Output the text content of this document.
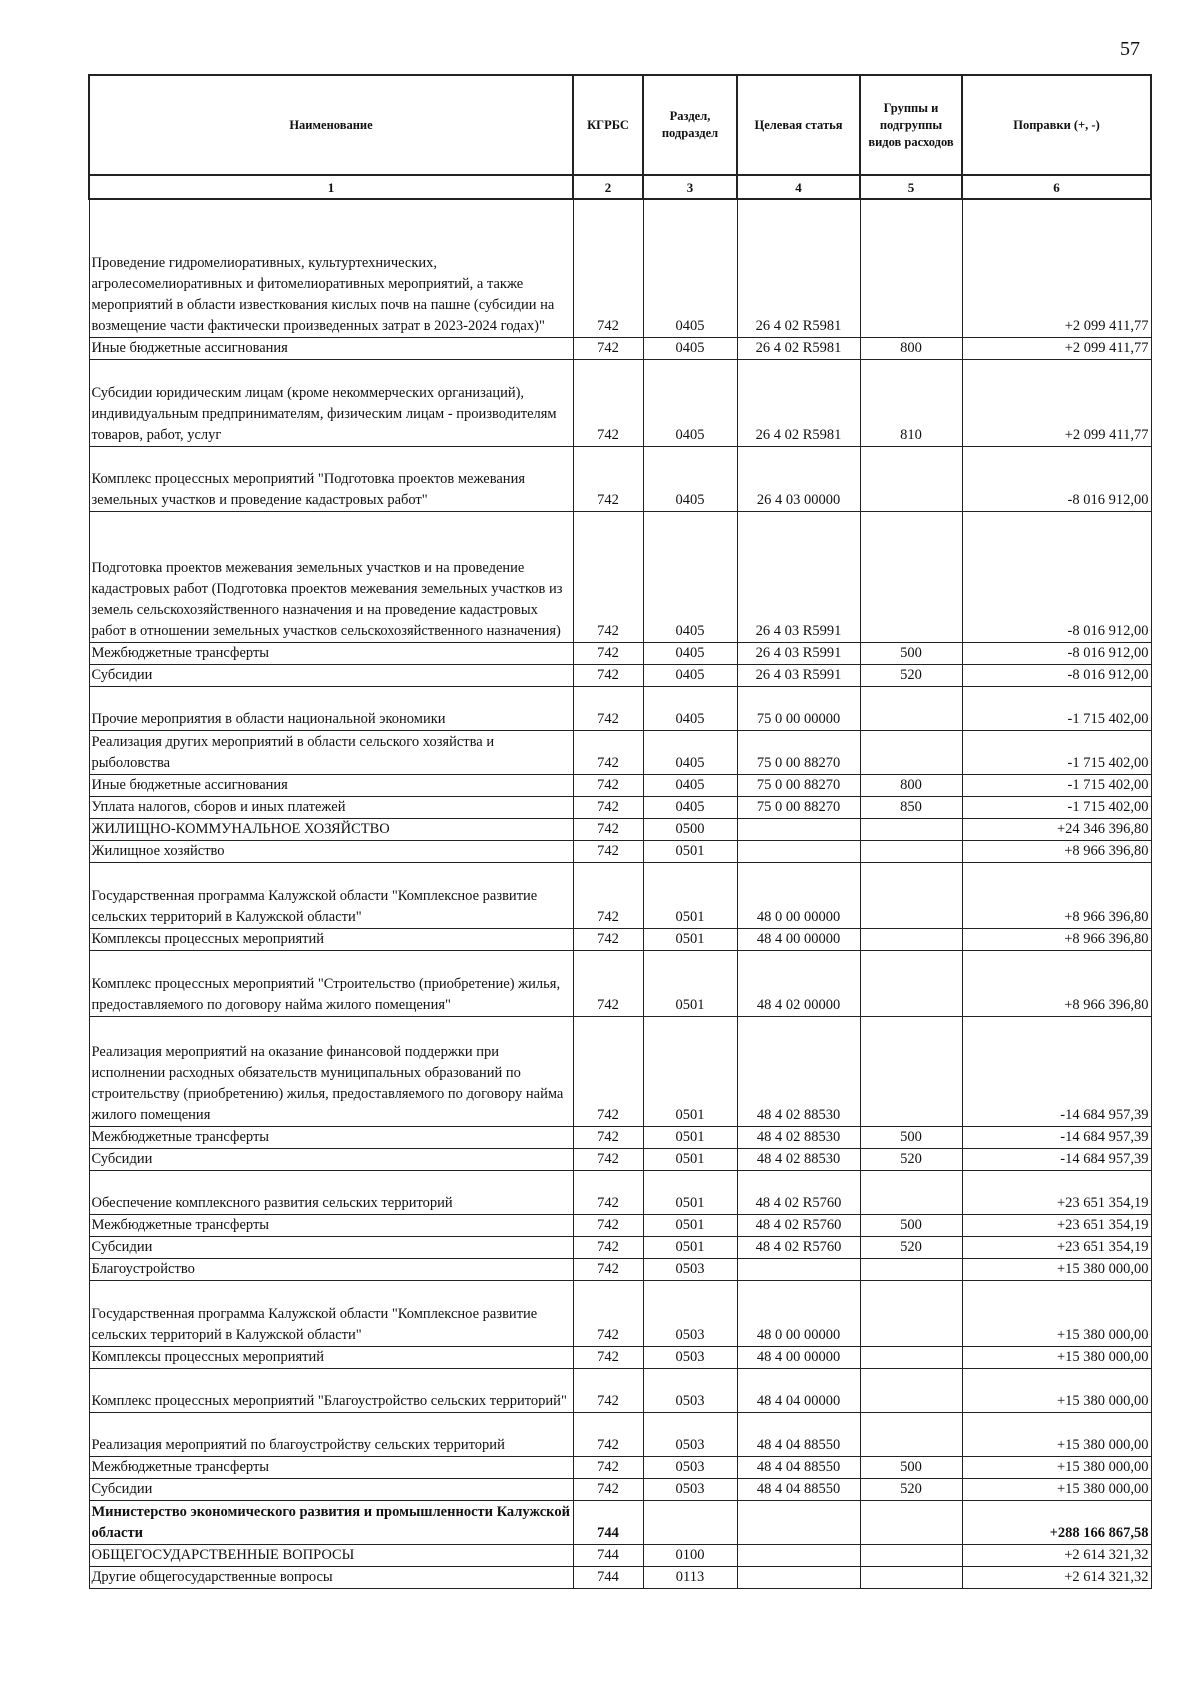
57
Наименование	КГРБС	Раздел, подраздел	Целевая статья	Группы и подгруппы видов расходов	Поправки (+, -)
1	2	3	4	5	6
Проведение гидромелиоративных, культуртехнических, агролесомелиоративных и фитомелиоративных мероприятий, а также мероприятий в области известкования кислых почв на пашне (субсидии на возмещение части фактически произведенных затрат в 2023-2024 годах)"	742	0405	26 4 02 R5981		+2 099 411,77
Иные бюджетные ассигнования	742	0405	26 4 02 R5981	800	+2 099 411,77
Субсидии юридическим лицам (кроме некоммерческих организаций), индивидуальным предпринимателям, физическим лицам - производителям товаров, работ, услуг	742	0405	26 4 02 R5981	810	+2 099 411,77
Комплекс процессных мероприятий "Подготовка проектов межевания земельных участков и проведение кадастровых работ"	742	0405	26 4 03 00000		-8 016 912,00
Подготовка проектов межевания земельных участков и на проведение кадастровых работ (Подготовка проектов межевания земельных участков из земель сельскохозяйственного назначения и на проведение кадастровых работ в отношении земельных участков сельскохозяйственного назначения)	742	0405	26 4 03 R5991		-8 016 912,00
Межбюджетные трансферты	742	0405	26 4 03 R5991	500	-8 016 912,00
Субсидии	742	0405	26 4 03 R5991	520	-8 016 912,00
Прочие мероприятия в области национальной экономики	742	0405	75 0 00 00000		-1 715 402,00
Реализация других мероприятий в области сельского хозяйства и рыболовства	742	0405	75 0 00 88270		-1 715 402,00
Иные бюджетные ассигнования	742	0405	75 0 00 88270	800	-1 715 402,00
Уплата налогов, сборов и иных платежей	742	0405	75 0 00 88270	850	-1 715 402,00
ЖИЛИЩНО-КОММУНАЛЬНОЕ ХОЗЯЙСТВО	742	0500			+24 346 396,80
Жилищное хозяйство	742	0501			+8 966 396,80
Государственная программа Калужской области "Комплексное развитие сельских территорий в Калужской области"	742	0501	48 0 00 00000		+8 966 396,80
Комплексы процессных мероприятий	742	0501	48 4 00 00000		+8 966 396,80
Комплекс процессных мероприятий "Строительство (приобретение) жилья, предоставляемого по договору найма жилого помещения"	742	0501	48 4 02 00000		+8 966 396,80
Реализация мероприятий на оказание финансовой поддержки при исполнении расходных обязательств муниципальных образований по строительству (приобретению) жилья, предоставляемого по договору найма жилого помещения	742	0501	48 4 02 88530		-14 684 957,39
Межбюджетные трансферты	742	0501	48 4 02 88530	500	-14 684 957,39
Субсидии	742	0501	48 4 02 88530	520	-14 684 957,39
Обеспечение комплексного развития сельских территорий	742	0501	48 4 02 R5760		+23 651 354,19
Межбюджетные трансферты	742	0501	48 4 02 R5760	500	+23 651 354,19
Субсидии	742	0501	48 4 02 R5760	520	+23 651 354,19
Благоустройство	742	0503			+15 380 000,00
Государственная программа Калужской области "Комплексное развитие сельских территорий в Калужской области"	742	0503	48 0 00 00000		+15 380 000,00
Комплексы процессных мероприятий	742	0503	48 4 00 00000		+15 380 000,00
Комплекс процессных мероприятий "Благоустройство сельских территорий"	742	0503	48 4 04 00000		+15 380 000,00
Реализация мероприятий по благоустройству сельских территорий	742	0503	48 4 04 88550		+15 380 000,00
Межбюджетные трансферты	742	0503	48 4 04 88550	500	+15 380 000,00
Субсидии	742	0503	48 4 04 88550	520	+15 380 000,00
Министерство экономического развития и промышленности Калужской области	744				+288 166 867,58
ОБЩЕГОСУДАРСТВЕННЫЕ ВОПРОСЫ	744	0100			+2 614 321,32
Другие общегосударственные вопросы	744	0113			+2 614 321,32
